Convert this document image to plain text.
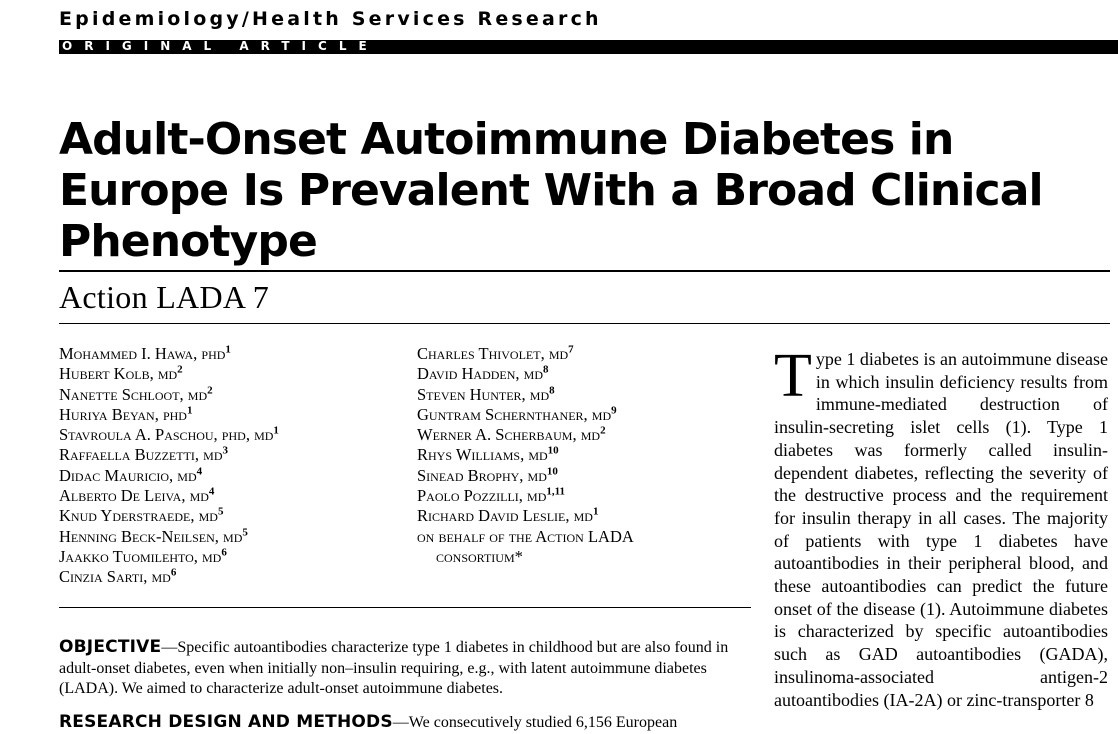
Epidemiology/Health Services Research
ORIGINAL ARTICLE
Adult-Onset Autoimmune Diabetes in Europe Is Prevalent With a Broad Clinical Phenotype
Action LADA 7
Mohammed I. Hawa, phd$^1$
Hubert Kolb, $md^2$
Nanette Schloot, $md^2$
Huriya Beyan, phd$^1$
Stavroula A. Paschou, phd, $md^1$
Raffaella Buzzetti, $md^3$
Didac Mauricio, $md^4$
Alberto De Leiva, $md^4$
Knud Yderstraede, $md^5$
Henning Beck-Neilsen, $md^5$
Jaakko Tuomilehto, $md^6$
Cinzia Sarti, $md^6$
Charles Thivolet, $md^7$
David Hadden, $md^8$
Steven Hunter, $md^8$
Guntram Schernthaner, $md^9$
Werner A. Scherbaum, $md^2$
Rhys Williams, $md^{10}$
Sinead Brophy, $md^{10}$
Paolo Pozzilli, md$^{1,11}$
Richard David Leslie, $md^1$
on behalf of the Action LADA
consortium*

OBJECTIVE—Specific autoantibodies characterize type 1 diabetes in childhood but are also found in adult-onset diabetes, even when initially non–insulin requiring, e.g., with latent autoimmune diabetes (LADA). We aimed to characterize adult-onset autoimmune diabetes.

RESEARCH DESIGN AND METHODS—We consecutively studied 6,156 European

Type 1 diabetes is an autoimmune disease in which insulin deficiency results from immune-mediated destruction of insulin-secreting islet cells (1). Type 1 diabetes was formerly called insulin-dependent diabetes, reflecting the severity of the destructive process and the requirement for insulin therapy in all cases. The majority of patients with type 1 diabetes have autoantibodies in their peripheral blood, and these autoantibodies can predict the future onset of the disease (1). Autoimmune diabetes is characterized by specific autoantibodies such as GAD autoantibodies (GADA), insulinoma-associated antigen-2 autoantibodies (IA-2A) or zinc-transporter 8
